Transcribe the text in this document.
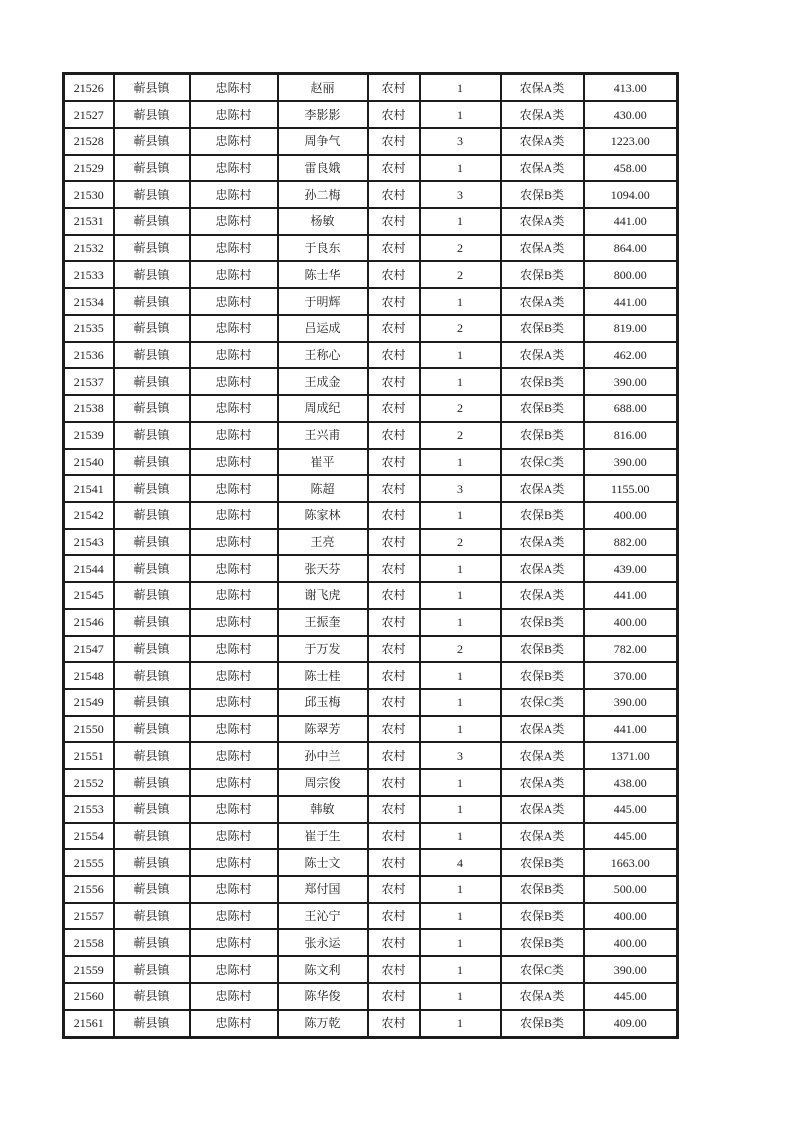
21526	蕲县镇	忠陈村	赵丽	农村	1	农保A类	413.00
21527	蕲县镇	忠陈村	李影影	农村	1	农保A类	430.00
21528	蕲县镇	忠陈村	周争气	农村	3	农保A类	1223.00
21529	蕲县镇	忠陈村	雷良娥	农村	1	农保A类	458.00
21530	蕲县镇	忠陈村	孙二梅	农村	3	农保B类	1094.00
21531	蕲县镇	忠陈村	杨敏	农村	1	农保A类	441.00
21532	蕲县镇	忠陈村	于良东	农村	2	农保A类	864.00
21533	蕲县镇	忠陈村	陈士华	农村	2	农保B类	800.00
21534	蕲县镇	忠陈村	于明辉	农村	1	农保A类	441.00
21535	蕲县镇	忠陈村	吕运成	农村	2	农保B类	819.00
21536	蕲县镇	忠陈村	王称心	农村	1	农保A类	462.00
21537	蕲县镇	忠陈村	王成金	农村	1	农保B类	390.00
21538	蕲县镇	忠陈村	周成纪	农村	2	农保B类	688.00
21539	蕲县镇	忠陈村	王兴甫	农村	2	农保B类	816.00
21540	蕲县镇	忠陈村	崔平	农村	1	农保C类	390.00
21541	蕲县镇	忠陈村	陈超	农村	3	农保A类	1155.00
21542	蕲县镇	忠陈村	陈家林	农村	1	农保B类	400.00
21543	蕲县镇	忠陈村	王亮	农村	2	农保A类	882.00
21544	蕲县镇	忠陈村	张天芬	农村	1	农保A类	439.00
21545	蕲县镇	忠陈村	谢飞虎	农村	1	农保A类	441.00
21546	蕲县镇	忠陈村	王振奎	农村	1	农保B类	400.00
21547	蕲县镇	忠陈村	于万发	农村	2	农保B类	782.00
21548	蕲县镇	忠陈村	陈士桂	农村	1	农保B类	370.00
21549	蕲县镇	忠陈村	邱玉梅	农村	1	农保C类	390.00
21550	蕲县镇	忠陈村	陈翠芳	农村	1	农保A类	441.00
21551	蕲县镇	忠陈村	孙中兰	农村	3	农保A类	1371.00
21552	蕲县镇	忠陈村	周宗俊	农村	1	农保A类	438.00
21553	蕲县镇	忠陈村	韩敏	农村	1	农保A类	445.00
21554	蕲县镇	忠陈村	崔于生	农村	1	农保A类	445.00
21555	蕲县镇	忠陈村	陈士文	农村	4	农保B类	1663.00
21556	蕲县镇	忠陈村	郑付国	农村	1	农保B类	500.00
21557	蕲县镇	忠陈村	王沁宁	农村	1	农保B类	400.00
21558	蕲县镇	忠陈村	张永运	农村	1	农保B类	400.00
21559	蕲县镇	忠陈村	陈文利	农村	1	农保C类	390.00
21560	蕲县镇	忠陈村	陈华俊	农村	1	农保A类	445.00
21561	蕲县镇	忠陈村	陈万乾	农村	1	农保B类	409.00
